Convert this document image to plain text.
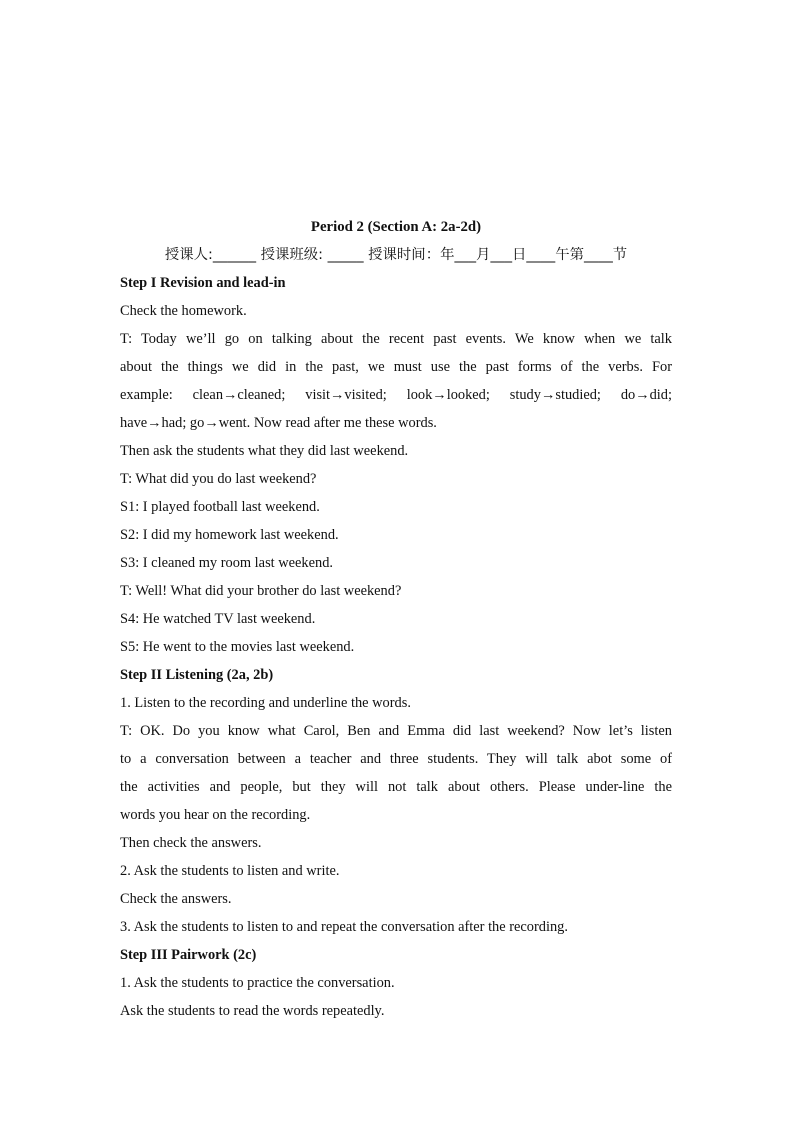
Period 2 (Section A: 2a-2d)
授课人:______ 授课班级: _____ 授课时间：年___月___日____午第____节
Step I Revision and lead-in
Check the homework.
T: Today we’ll go on talking about the recent past events. We know when we talk
about the things we did in the past, we must use the past forms of the verbs. For
example: clean→cleaned; visit→visited; look→looked; study→studied; do→did;
have→had; go→went. Now read after me these words.
Then ask the students what they did last weekend.
T: What did you do last weekend?
S1: I played football last weekend.
S2: I did my homework last weekend.
S3: I cleaned my room last weekend.
T: Well! What did your brother do last weekend?
S4: He watched TV last weekend.
S5: He went to the movies last weekend.
Step II Listening (2a, 2b)
1. Listen to the recording and underline the words.
T: OK. Do you know what Carol, Ben and Emma did last weekend? Now let’s listen
to a conversation between a teacher and three students. They will talk abot some of
the activities and people, but they will not talk about others. Please under-line the
words you hear on the recording.
Then check the answers.
2. Ask the students to listen and write.
Check the answers.
3. Ask the students to listen to and repeat the conversation after the recording.
Step III Pairwork (2c)
1. Ask the students to practice the conversation.
Ask the students to read the words repeatedly.
